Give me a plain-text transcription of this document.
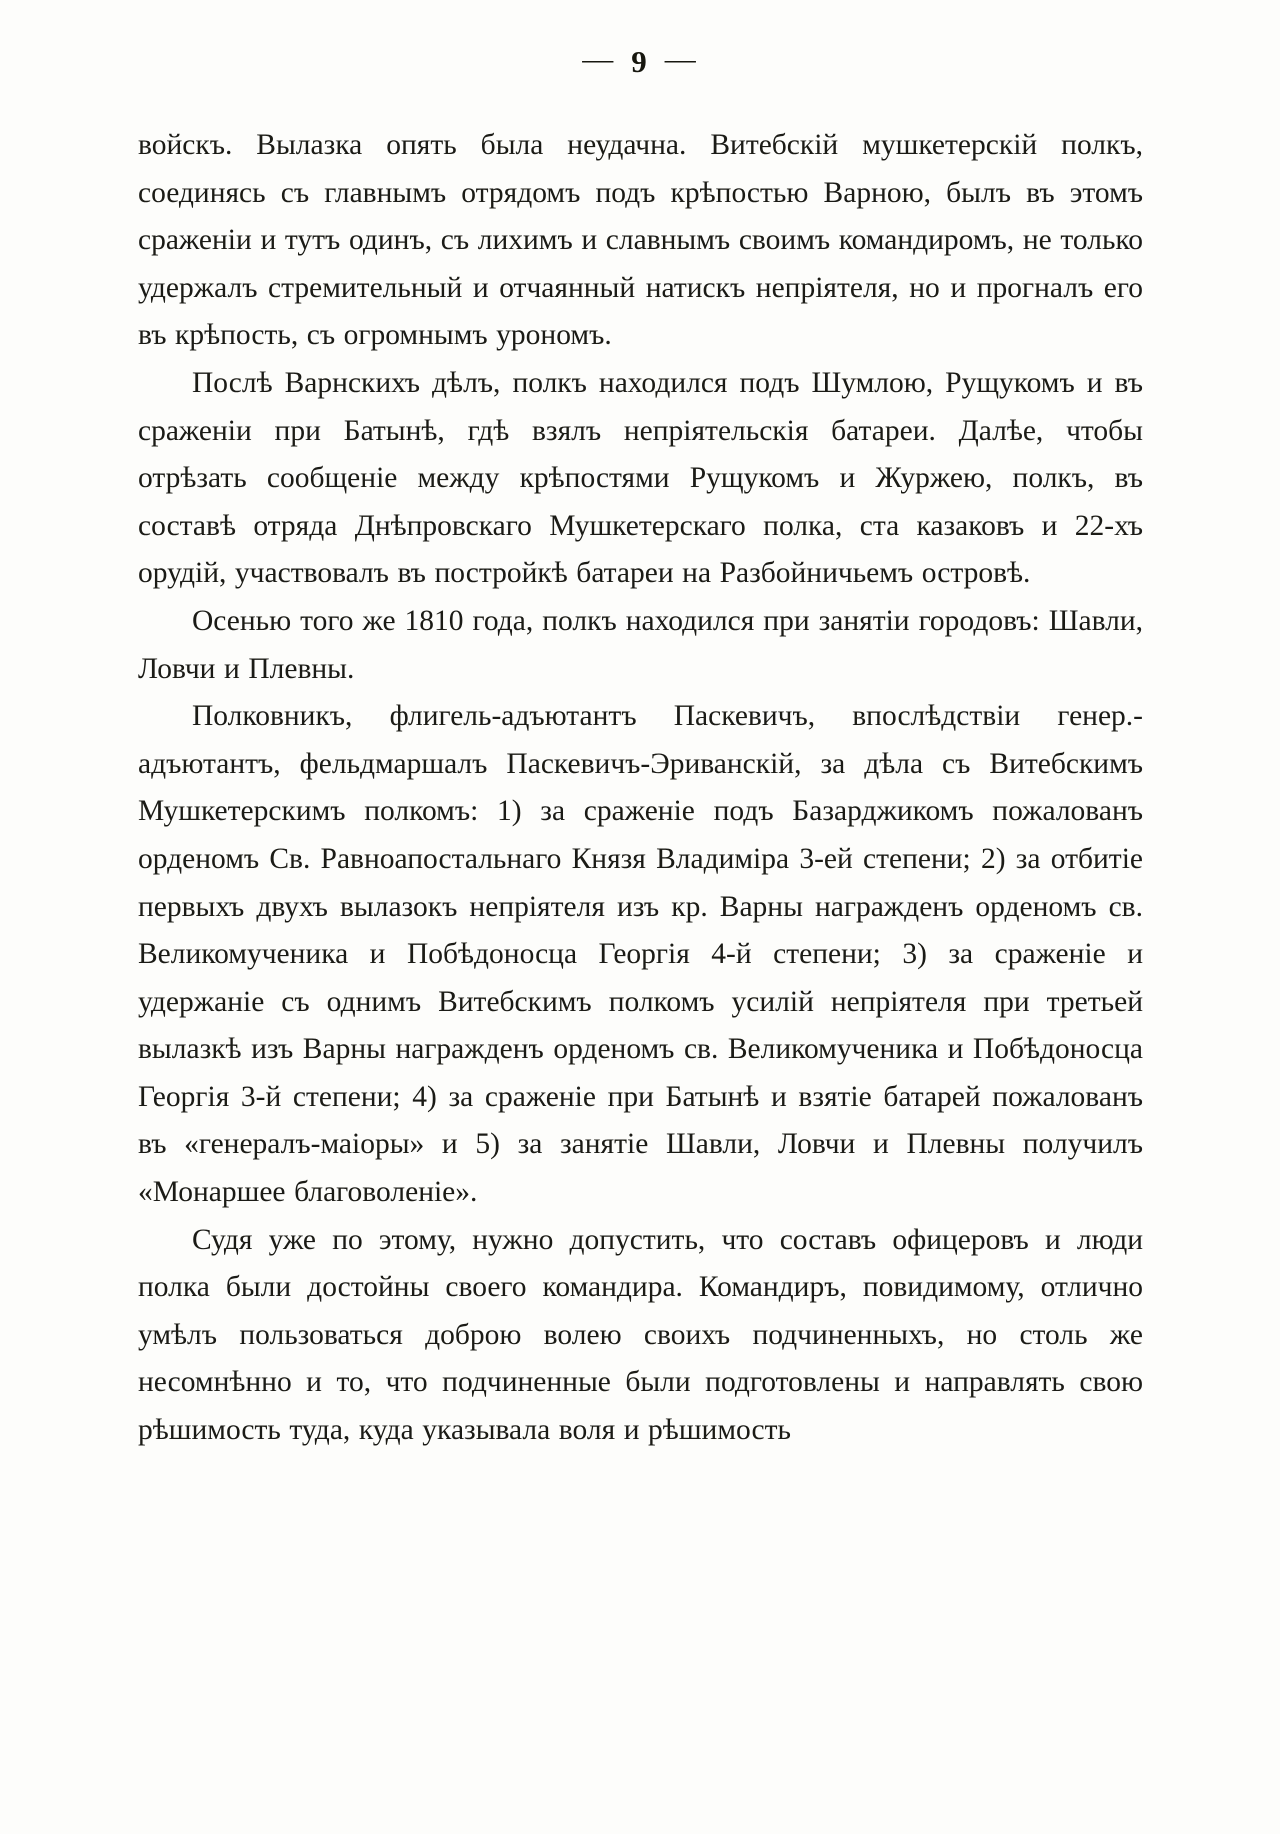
— 9 —

войскъ. Вылазка опять была неудачна. Витебскiй мушкетерскiй полкъ, соединясь съ главнымъ отрядомъ подъ крѣпостью Варною, былъ въ этомъ сраженiи и тутъ одинъ, съ лихимъ и славнымъ своимъ командиромъ, не только удержалъ стремительный и отчаянный натискъ непрiятеля, но и прогналъ его въ крѣпость, съ огромнымъ урономъ.

Послѣ Варнскихъ дѣлъ, полкъ находился подъ Шумлою, Рущукомъ и въ сраженiи при Батынѣ, гдѣ взялъ непрiятельскiя батареи. Далѣе, чтобы отрѣзать сообщенiе между крѣпостями Рущукомъ и Журжею, полкъ, въ составѣ отряда Днѣпровскаго Мушкетерскаго полка, ста казаковъ и 22-хъ орудiй, участвовалъ въ постройкѣ батареи на Разбойничьемъ островѣ.

Осенью того же 1810 года, полкъ находился при занятiи городовъ: Шавли, Ловчи и Плевны.

Полковникъ, флигель-адъютантъ Паскевичъ, впослѣдствiи генер.-адъютантъ, фельдмаршалъ Паскевичъ-Эриванскiй, за дѣла съ Витебскимъ Мушкетерскимъ полкомъ: 1) за сраженiе подъ Базарджикомъ пожалованъ орденомъ Св. Равноапостальнаго Князя Владимiра 3-ей степени; 2) за отбитiе первыхъ двухъ вылазокъ непрiятеля изъ кр. Варны награжденъ орденомъ св. Великомученика и Побѣдоносца Георгiя 4-й степени; 3) за сраженiе и удержанiе съ однимъ Витебскимъ полкомъ усилiй непрiятеля при третьей вылазкѣ изъ Варны награжденъ орденомъ св. Великомученика и Побѣдоносца Георгiя 3-й степени; 4) за сраженiе при Батынѣ и взятiе батарей пожалованъ въ «генералъ-маiоры» и 5) за занятiе Шавли, Ловчи и Плевны получилъ «Монаршее благоволенiе».

Судя уже по этому, нужно допустить, что составъ офицеровъ и люди полка были достойны своего командира. Командиръ, повидимому, отлично умѣлъ пользоваться доброю волею своихъ подчиненныхъ, но столь же несомнѣнно и то, что подчиненные были подготовлены и направлять свою рѣшимость туда, куда указывала воля и рѣшимость
